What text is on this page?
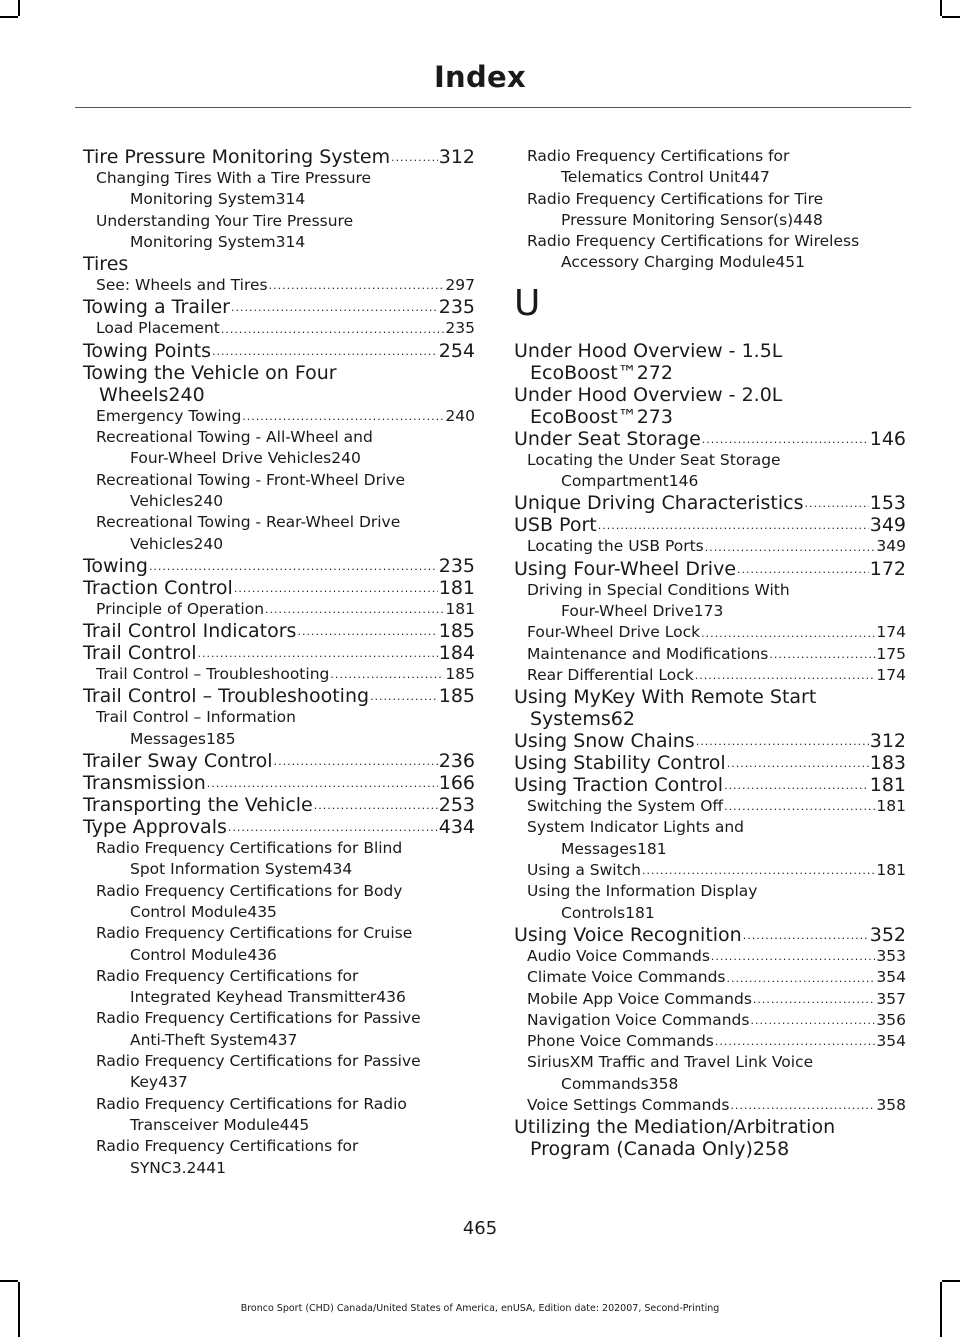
Index
Tire Pressure Monitoring System .....	312
Changing Tires With a Tire Pressure
Monitoring System 314
Understanding Your Tire Pressure
Monitoring System 314
Tires
See: Wheels and Tires .....	297
Towing a Trailer .....	235
Load Placement .....	235
Towing Points .....	254
Towing the Vehicle on Four
Wheels 240
Emergency Towing .....	240
Recreational Towing - All-Wheel and
Four-Wheel Drive Vehicles 240
Recreational Towing - Front-Wheel Drive
Vehicles 240
Recreational Towing - Rear-Wheel Drive
Vehicles 240
Towing .....	235
Traction Control .....	181
Principle of Operation .....	181
Trail Control Indicators .....	185
Trail Control .....	184
Trail Control – Troubleshooting .....	185
Trail Control – Troubleshooting .....	185
Trail Control – Information
Messages 185
Trailer Sway Control .....	236
Transmission .....	166
Transporting the Vehicle .....	253
Type Approvals .....	434
Radio Frequency Certifications for Blind
Spot Information System 434
Radio Frequency Certifications for Body
Control Module 435
Radio Frequency Certifications for Cruise
Control Module 436
Radio Frequency Certifications for
Integrated Keyhead Transmitter 436
Radio Frequency Certifications for Passive
Anti-Theft System 437
Radio Frequency Certifications for Passive
Key 437
Radio Frequency Certifications for Radio
Transceiver Module 445
Radio Frequency Certifications for
SYNC3.2 441
Radio Frequency Certifications for
Telematics Control Unit 447
Radio Frequency Certifications for Tire
Pressure Monitoring Sensor(s) 448
Radio Frequency Certifications for Wireless
Accessory Charging Module 451
U
Under Hood Overview - 1.5L
EcoBoost™ 272
Under Hood Overview - 2.0L
EcoBoost™ 273
Under Seat Storage .....	146
Locating the Under Seat Storage
Compartment 146
Unique Driving Characteristics .....	153
USB Port .....	349
Locating the USB Ports .....	349
Using Four-Wheel Drive .....	172
Driving in Special Conditions With
Four-Wheel Drive 173
Four-Wheel Drive Lock .....	174
Maintenance and Modifications .....	175
Rear Differential Lock .....	174
Using MyKey With Remote Start
Systems 62
Using Snow Chains .....	312
Using Stability Control .....	183
Using Traction Control .....	181
Switching the System Off .....	181
System Indicator Lights and
Messages 181
Using a Switch .....	181
Using the Information Display
Controls 181
Using Voice Recognition .....	352
Audio Voice Commands .....	353
Climate Voice Commands .....	354
Mobile App Voice Commands .....	357
Navigation Voice Commands .....	356
Phone Voice Commands .....	354
SiriusXM Traffic and Travel Link Voice
Commands 358
Voice Settings Commands .....	358
Utilizing the Mediation/Arbitration
Program (Canada Only) 258
465
Bronco Sport (CHD) Canada/United States of America, enUSA, Edition date: 202007, Second-Printing
